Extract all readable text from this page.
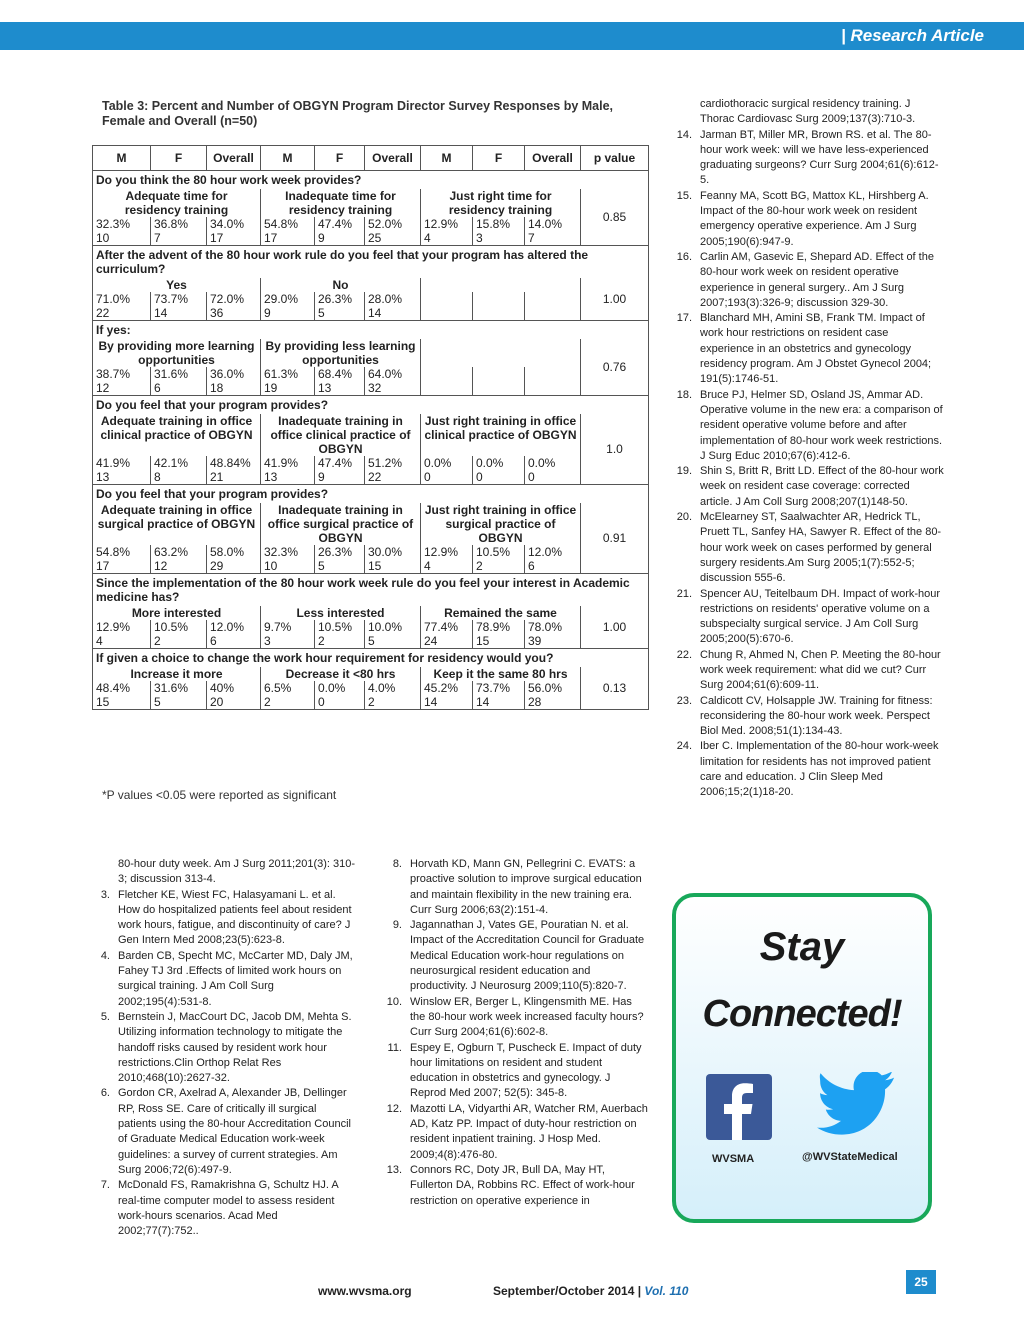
| Research Article
Table 3: Percent and Number of OBGYN Program Director Survey Responses by Male, Female and Overall (n=50)
M	F	Overall	M	F	Overall	M	F	Overall	p value
Do you think the 80 hour work week provides?									
Adequate time for residency training			Inadequate time for residency training			Just right time for residency training			0.85
32.3%	36.8%	34.0%	54.8%	47.4%	52.0%	12.9%	15.8%	14.0%	
10	7	17	17	9	25	4	3	7	
After the advent of the 80 hour work rule do you feel that your program has altered the curriculum?									
Yes			No						1.00
71.0%	73.7%	72.0%	29.0%	26.3%	28.0%				
22	14	36	9	5	14				
If yes:									
By providing more learning opportunities			By providing less learning opportunities						0.76
38.7%	31.6%	36.0%	61.3%	68.4%	64.0%				
12	6	18	19	13	32				
Do you feel that your program provides?									
Adequate training in office clinical practice of OBGYN			Inadequate training in office clinical practice of OBGYN			Just right training in office clinical practice of OBGYN			1.0
41.9%	42.1%	48.84%	41.9%	47.4%	51.2%	0.0%	0.0%	0.0%	
13	8	21	13	9	22	0	0	0	
Do you feel that your program provides?									
Adequate training in office surgical practice of OBGYN			Inadequate training in office surgical practice of OBGYN			Just right training in office surgical practice of OBGYN			0.91
54.8%	63.2%	58.0%	32.3%	26.3%	30.0%	12.9%	10.5%	12.0%	
17	12	29	10	5	15	4	2	6	
Since the implementation of the 80 hour work week rule do you feel your interest in Academic medicine has?									
More interested			Less interested			Remained the same			1.00
12.9%	10.5%	12.0%	9.7%	10.5%	10.0%	77.4%	78.9%	78.0%	
4	2	6	3	2	5	24	15	39	
If given a choice to change the work hour requirement for residency would you?									
Increase it more			Decrease it <80 hrs			Keep it the same 80 hrs			0.13
48.4%	31.6%	40%	6.5%	0.0%	4.0%	45.2%	73.7%	56.0%	
15	5	20	2	0	2	14	14	28	
*P values <0.05 were reported as significant
80-hour duty week. Am J Surg 2011;201(3): 310-3; discussion 313-4.
3. Fletcher KE, Wiest FC, Halasyamani L. et al. How do hospitalized patients feel about resident work hours, fatigue, and discontinuity of care? J Gen Intern Med 2008;23(5):623-8.
4. Barden CB, Specht MC, McCarter MD, Daly JM, Fahey TJ 3rd .Effects of limited work hours on surgical training. J Am Coll Surg 2002;195(4):531-8.
5. Bernstein J, MacCourt DC, Jacob DM, Mehta S. Utilizing information technology to mitigate the handoff risks caused by resident work hour restrictions.Clin Orthop Relat Res 2010;468(10):2627-32.
6. Gordon CR, Axelrad A, Alexander JB, Dellinger RP, Ross SE. Care of critically ill surgical patients using the 80-hour Accreditation Council of Graduate Medical Education work-week guidelines: a survey of current strategies. Am Surg 2006;72(6):497-9.
7. McDonald FS, Ramakrishna G, Schultz HJ. A real-time computer model to assess resident work-hours scenarios. Acad Med 2002;77(7):752..
8. Horvath KD, Mann GN, Pellegrini C. EVATS: a proactive solution to improve surgical education and maintain flexibility in the new training era. Curr Surg 2006;63(2):151-4.
9. Jagannathan J, Vates GE, Pouratian N. et al. Impact of the Accreditation Council for Graduate Medical Education work-hour regulations on neurosurgical resident education and productivity. J Neurosurg 2009;110(5):820-7.
10. Winslow ER, Berger L, Klingensmith ME. Has the 80-hour work week increased faculty hours? Curr Surg 2004;61(6):602-8.
11. Espey E, Ogburn T, Puscheck E. Impact of duty hour limitations on resident and student education in obstetrics and gynecology. J Reprod Med 2007; 52(5): 345-8.
12. Mazotti LA, Vidyarthi AR, Watcher RM, Auerbach AD, Katz PP. Impact of duty-hour restriction on resident inpatient training. J Hosp Med. 2009;4(8):476-80.
13. Connors RC, Doty JR, Bull DA, May HT, Fullerton DA, Robbins RC. Effect of work-hour restriction on operative experience in
cardiothoracic surgical residency training. J Thorac Cardiovasc Surg 2009;137(3):710-3.
14. Jarman BT, Miller MR, Brown RS. et al. The 80-hour work week: will we have less-experienced graduating surgeons? Curr Surg 2004;61(6):612-5.
15. Feanny MA, Scott BG, Mattox KL, Hirshberg A. Impact of the 80-hour work week on resident emergency operative experience. Am J Surg 2005;190(6):947-9.
16. Carlin AM, Gasevic E, Shepard AD. Effect of the 80-hour work week on resident operative experience in general surgery.. Am J Surg 2007;193(3):326-9; discussion 329-30.
17. Blanchard MH, Amini SB, Frank TM. Impact of work hour restrictions on resident case experience in an obstetrics and gynecology residency program. Am J Obstet Gynecol 2004; 191(5):1746-51.
18. Bruce PJ, Helmer SD, Osland JS, Ammar AD. Operative volume in the new era: a comparison of resident operative volume before and after implementation of 80-hour work week restrictions. J Surg Educ 2010;67(6):412-6.
19. Shin S, Britt R, Britt LD. Effect of the 80-hour work week on resident case coverage: corrected article. J Am Coll Surg 2008;207(1)148-50.
20. McElearney ST, Saalwachter AR, Hedrick TL, Pruett TL, Sanfey HA, Sawyer R. Effect of the 80-hour work week on cases performed by general surgery residents.Am Surg 2005;1(7):552-5; discussion 555-6.
21. Spencer AU, Teitelbaum DH. Impact of work-hour restrictions on residents' operative volume on a subspecialty surgical service. J Am Coll Surg 2005;200(5):670-6.
22. Chung R, Ahmed N, Chen P. Meeting the 80-hour work week requirement: what did we cut? Curr Surg 2004;61(6):609-11.
23. Caldicott CV, Holsapple JW. Training for fitness: reconsidering the 80-hour work week. Perspect Biol Med. 2008;51(1):134-43.
24. Iber C. Implementation of the 80-hour work-week limitation for residents has not improved patient care and education. J Clin Sleep Med 2006;15;2(1)18-20.
Stay
Connected!
WVSMA	@WVStateMedical
www.wvsma.org	September/October 2014 | Vol. 110
25
